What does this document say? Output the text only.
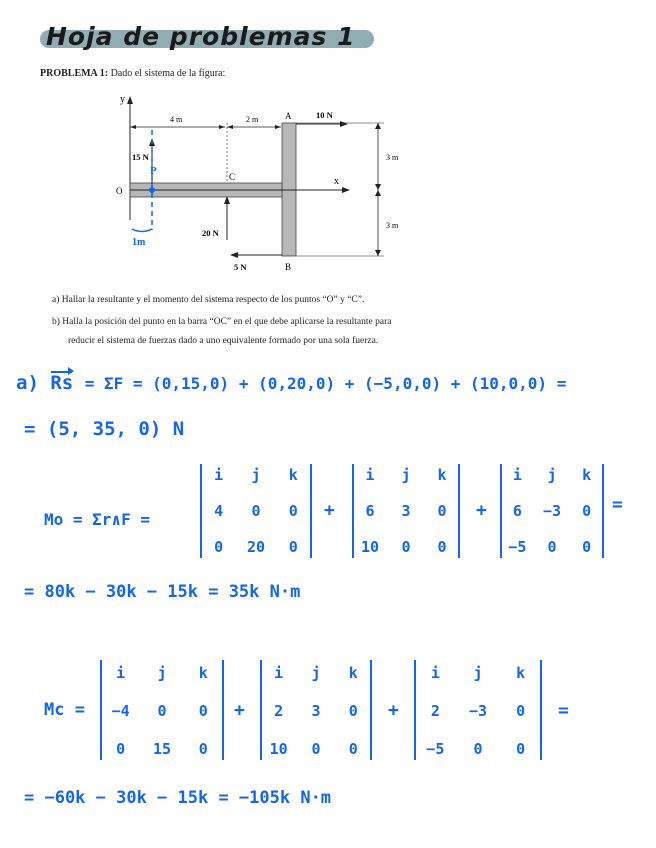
Hoja de problemas 1
PROBLEMA 1: Dado el sistema de la figura:
y
4 m	2 m	A
B
O
C	x
10 N
15 N
20 N
5 N
3 m
3 m
P
1m
a) Hallar la resultante y el momento del sistema respecto de los puntos “O” y “C”.
b) Halla la posición del punto en la barra “OC” en el que debe aplicarse la resultante para
reducir el sistema de fuerzas dado a uno equivalente formado por una sola fuerza.
a) Rs = ΣF = (0,15,0) + (0,20,0) + (−5,0,0) + (10,0,0) =
= (5, 35, 0) N
Mo = Σr∧F =
i	j	k
4	0	0
0	20	0
+
i	j	k
6	3	0
10	0	0
+
i	j	k
6	−3	0
−5	0	0
=
= 80k − 30k − 15k = 35k N·m
Mc =
i	j	k
−4	0	0
0	15	0
+
i	j	k
2	3	0
10	0	0
+
i	j	k
2	−3	0
−5	0	0
=
= −60k − 30k − 15k = −105k N·m
